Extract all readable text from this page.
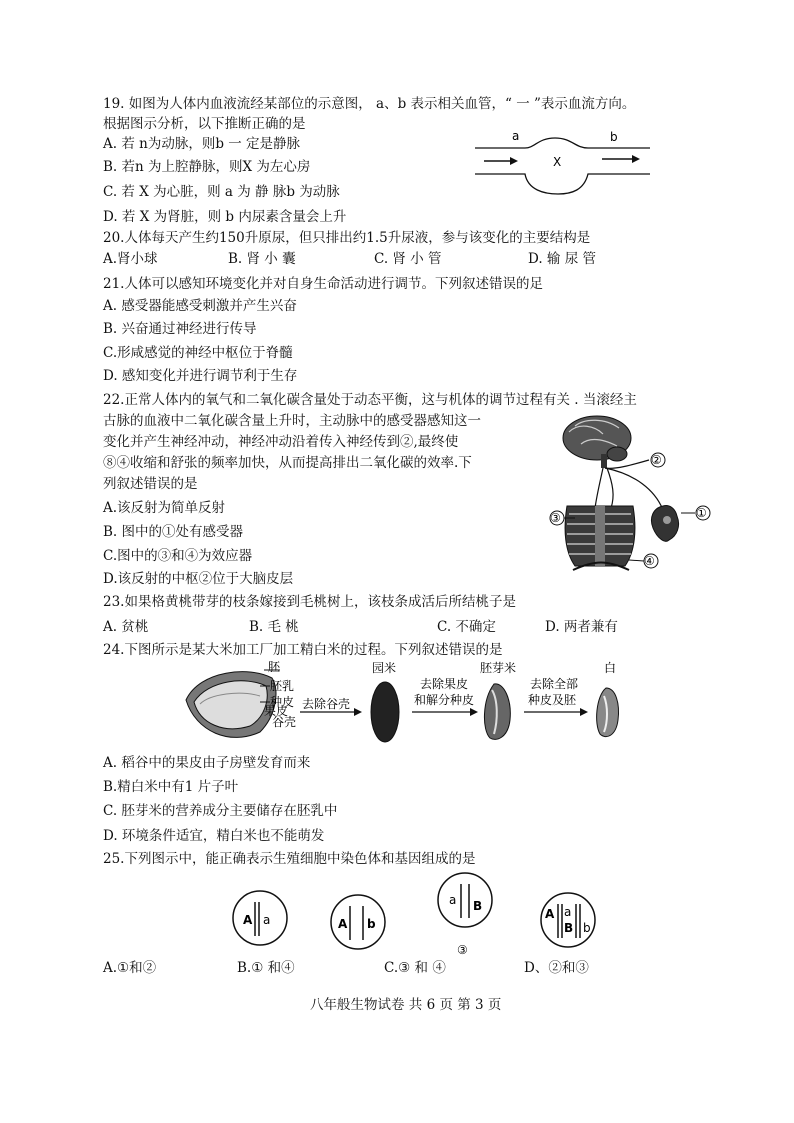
19. 如图为人体内血液流经某部位的示意图， a、b 表示相关血管，“ 一 ”表示血流方向。
根据图示分析，以下推断正确的是
A. 若 n为动脉，则b 一 定是静脉
B. 若n 为上腔静脉，则X 为左心房
C. 若 X 为心脏，则 a 为 静 脉b 为动脉
D. 若 X 为肾脏，则 b 内尿素含量会上升
a	b
X
20.人体每天产生约150升原尿，但只排出约1.5升尿液，参与该变化的主要结构是
A.肾小球	B. 肾 小 囊	C. 肾 小 管	D. 输 尿 管
21.人体可以感知环境变化并对自身生命活动进行调节。下列叙述错误的足
A. 感受器能感受刺激并产生兴奋
B. 兴奋通过神经进行传导
C.形咸感觉的神经中枢位于脊髓
D. 感知变化并进行调节利于生存
22.正常人体内的氧气和二氧化碳含量处于动态平衡，这与机体的调节过程有关 . 当滚经主
古脉的血液中二氧化碳含量上升时，主动脉中的感受器感知这一
变化并产生神经冲动，神经冲动沿着传入神经传到②,最终使
⑧④收缩和舒张的频率加快，从而提高排出二氧化碳的效率.下
列叙述错误的是
A.该反射为简单反射
B. 图中的①处有感受器
C.图中的③和④为效应器
D.该反射的中枢②位于大脑皮层
②
①
③
④
23.如果格黄桃带芽的枝条嫁接到毛桃树上，该枝条成活后所结桃子是
A. 贫桃	B. 毛 桃	C. 不确定	D. 两者兼有
24.下图所示是某大米加工厂加工精白米的过程。下列叙述错误的是
胚
胚乳
种皮
果皮
谷壳
去除谷壳
园米
去除果皮
和解分种皮
胚芽米
去除全部
种皮及胚
白
A. 稻谷中的果皮由子房壁发育而来
B.精白米中有1 片子叶
C. 胚芽米的营养成分主要储存在胚乳中
D. 环境条件适宜，精白米也不能萌发
25.下列图示中，能正确表示生殖细胞中染色体和基因组成的是
A a	A b
a B
③
A a
B b
A.①和②	B.① 和④	C.③ 和 ④	D、②和③
八年般生物试卷 共 6 页 第 3 页
